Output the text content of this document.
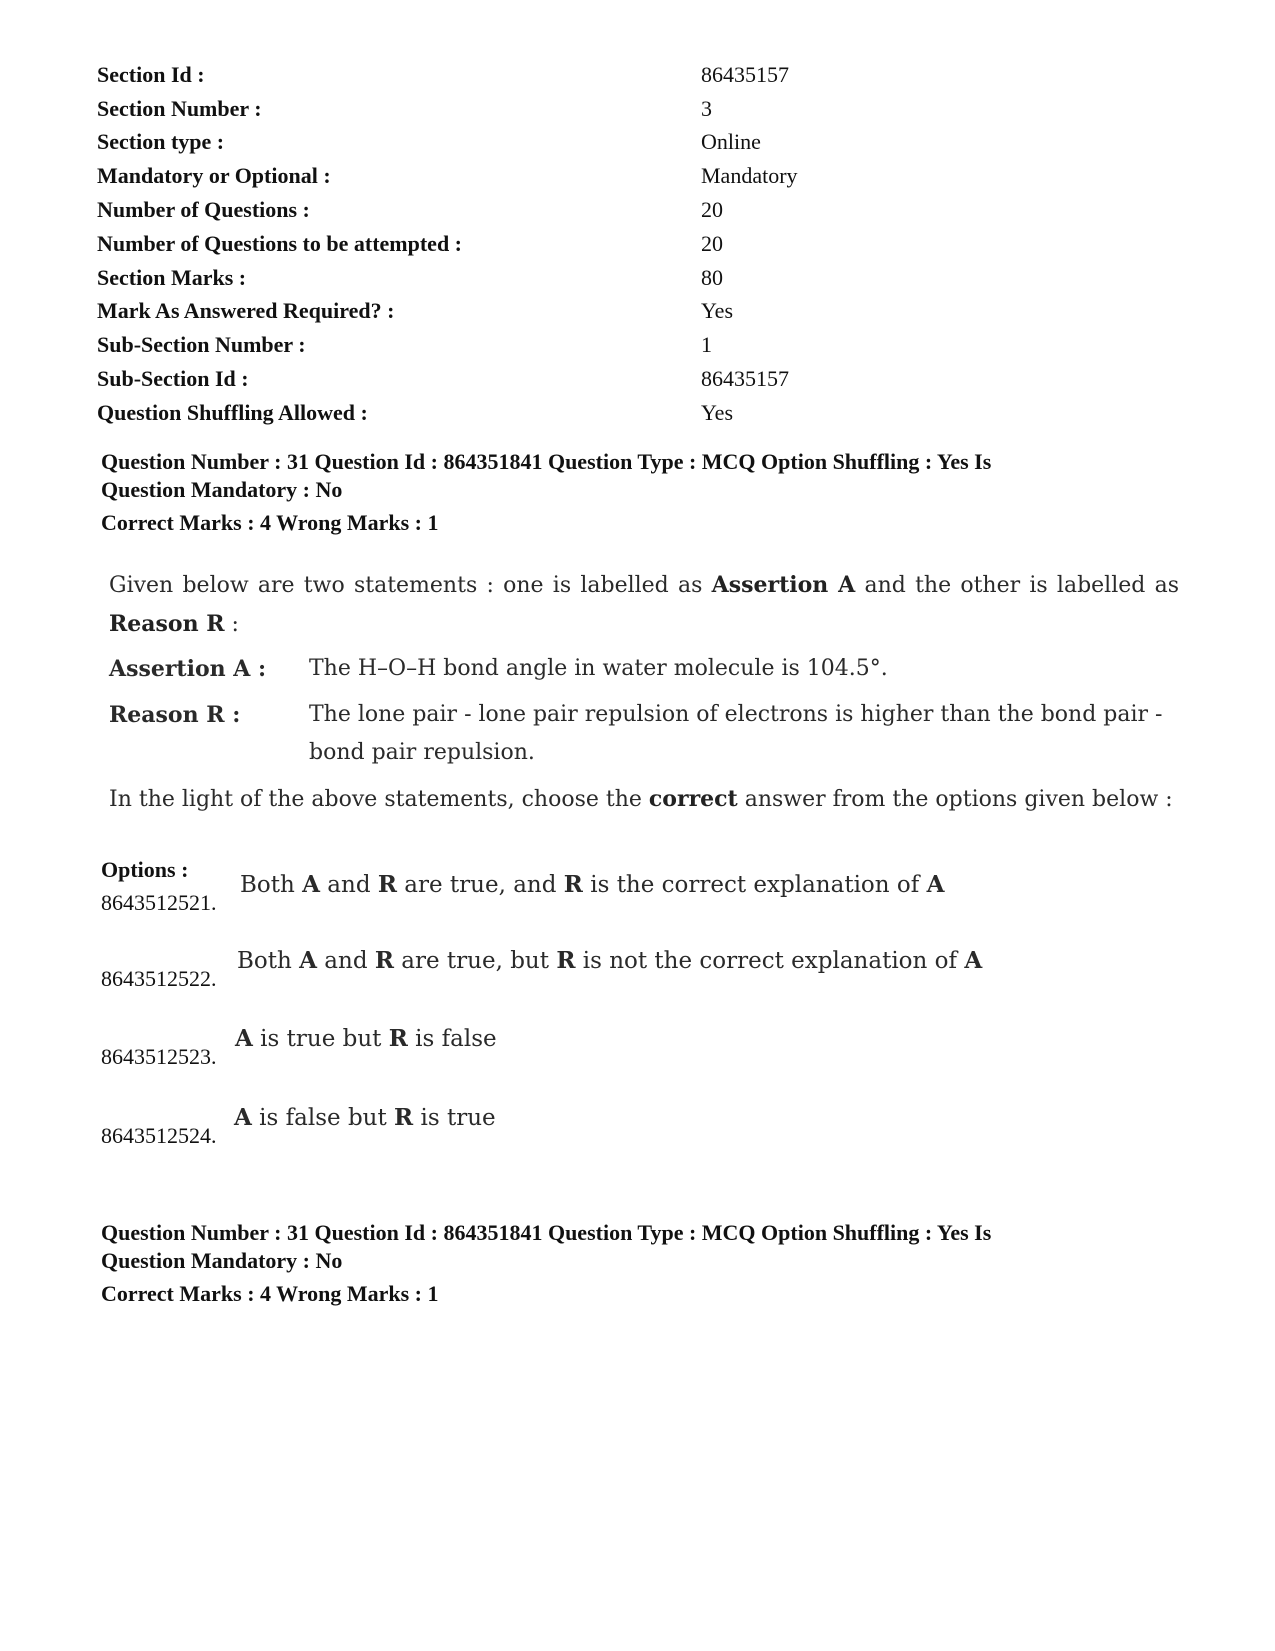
Section Id :	86435157
Section Number :	3
Section type :	Online
Mandatory or Optional :	Mandatory
Number of Questions :	20
Number of Questions to be attempted :	20
Section Marks :	80
Mark As Answered Required? :	Yes
Sub-Section Number :	1
Sub-Section Id :	86435157
Question Shuffling Allowed :	Yes
Question Number : 31 Question Id : 864351841 Question Type : MCQ Option Shuffling : Yes Is
Question Mandatory : No
Correct Marks : 4 Wrong Marks : 1

Given below are two statements : one is labelled as Assertion A and the other is labelled as Reason R :

Assertion A :	The H–O–H bond angle in water molecule is 104.5°.
Reason R :	The lone pair - lone pair repulsion of electrons is higher than the bond pair - bond pair repulsion.

In the light of the above statements, choose the correct answer from the options given below :

Options :
8643512521.
Both A and R are true, and R is the correct explanation of A
8643512522.
Both A and R are true, but R is not the correct explanation of A
8643512523.
A is true but R is false
8643512524.
A is false but R is true
Question Number : 31 Question Id : 864351841 Question Type : MCQ Option Shuffling : Yes Is
Question Mandatory : No
Correct Marks : 4 Wrong Marks : 1
